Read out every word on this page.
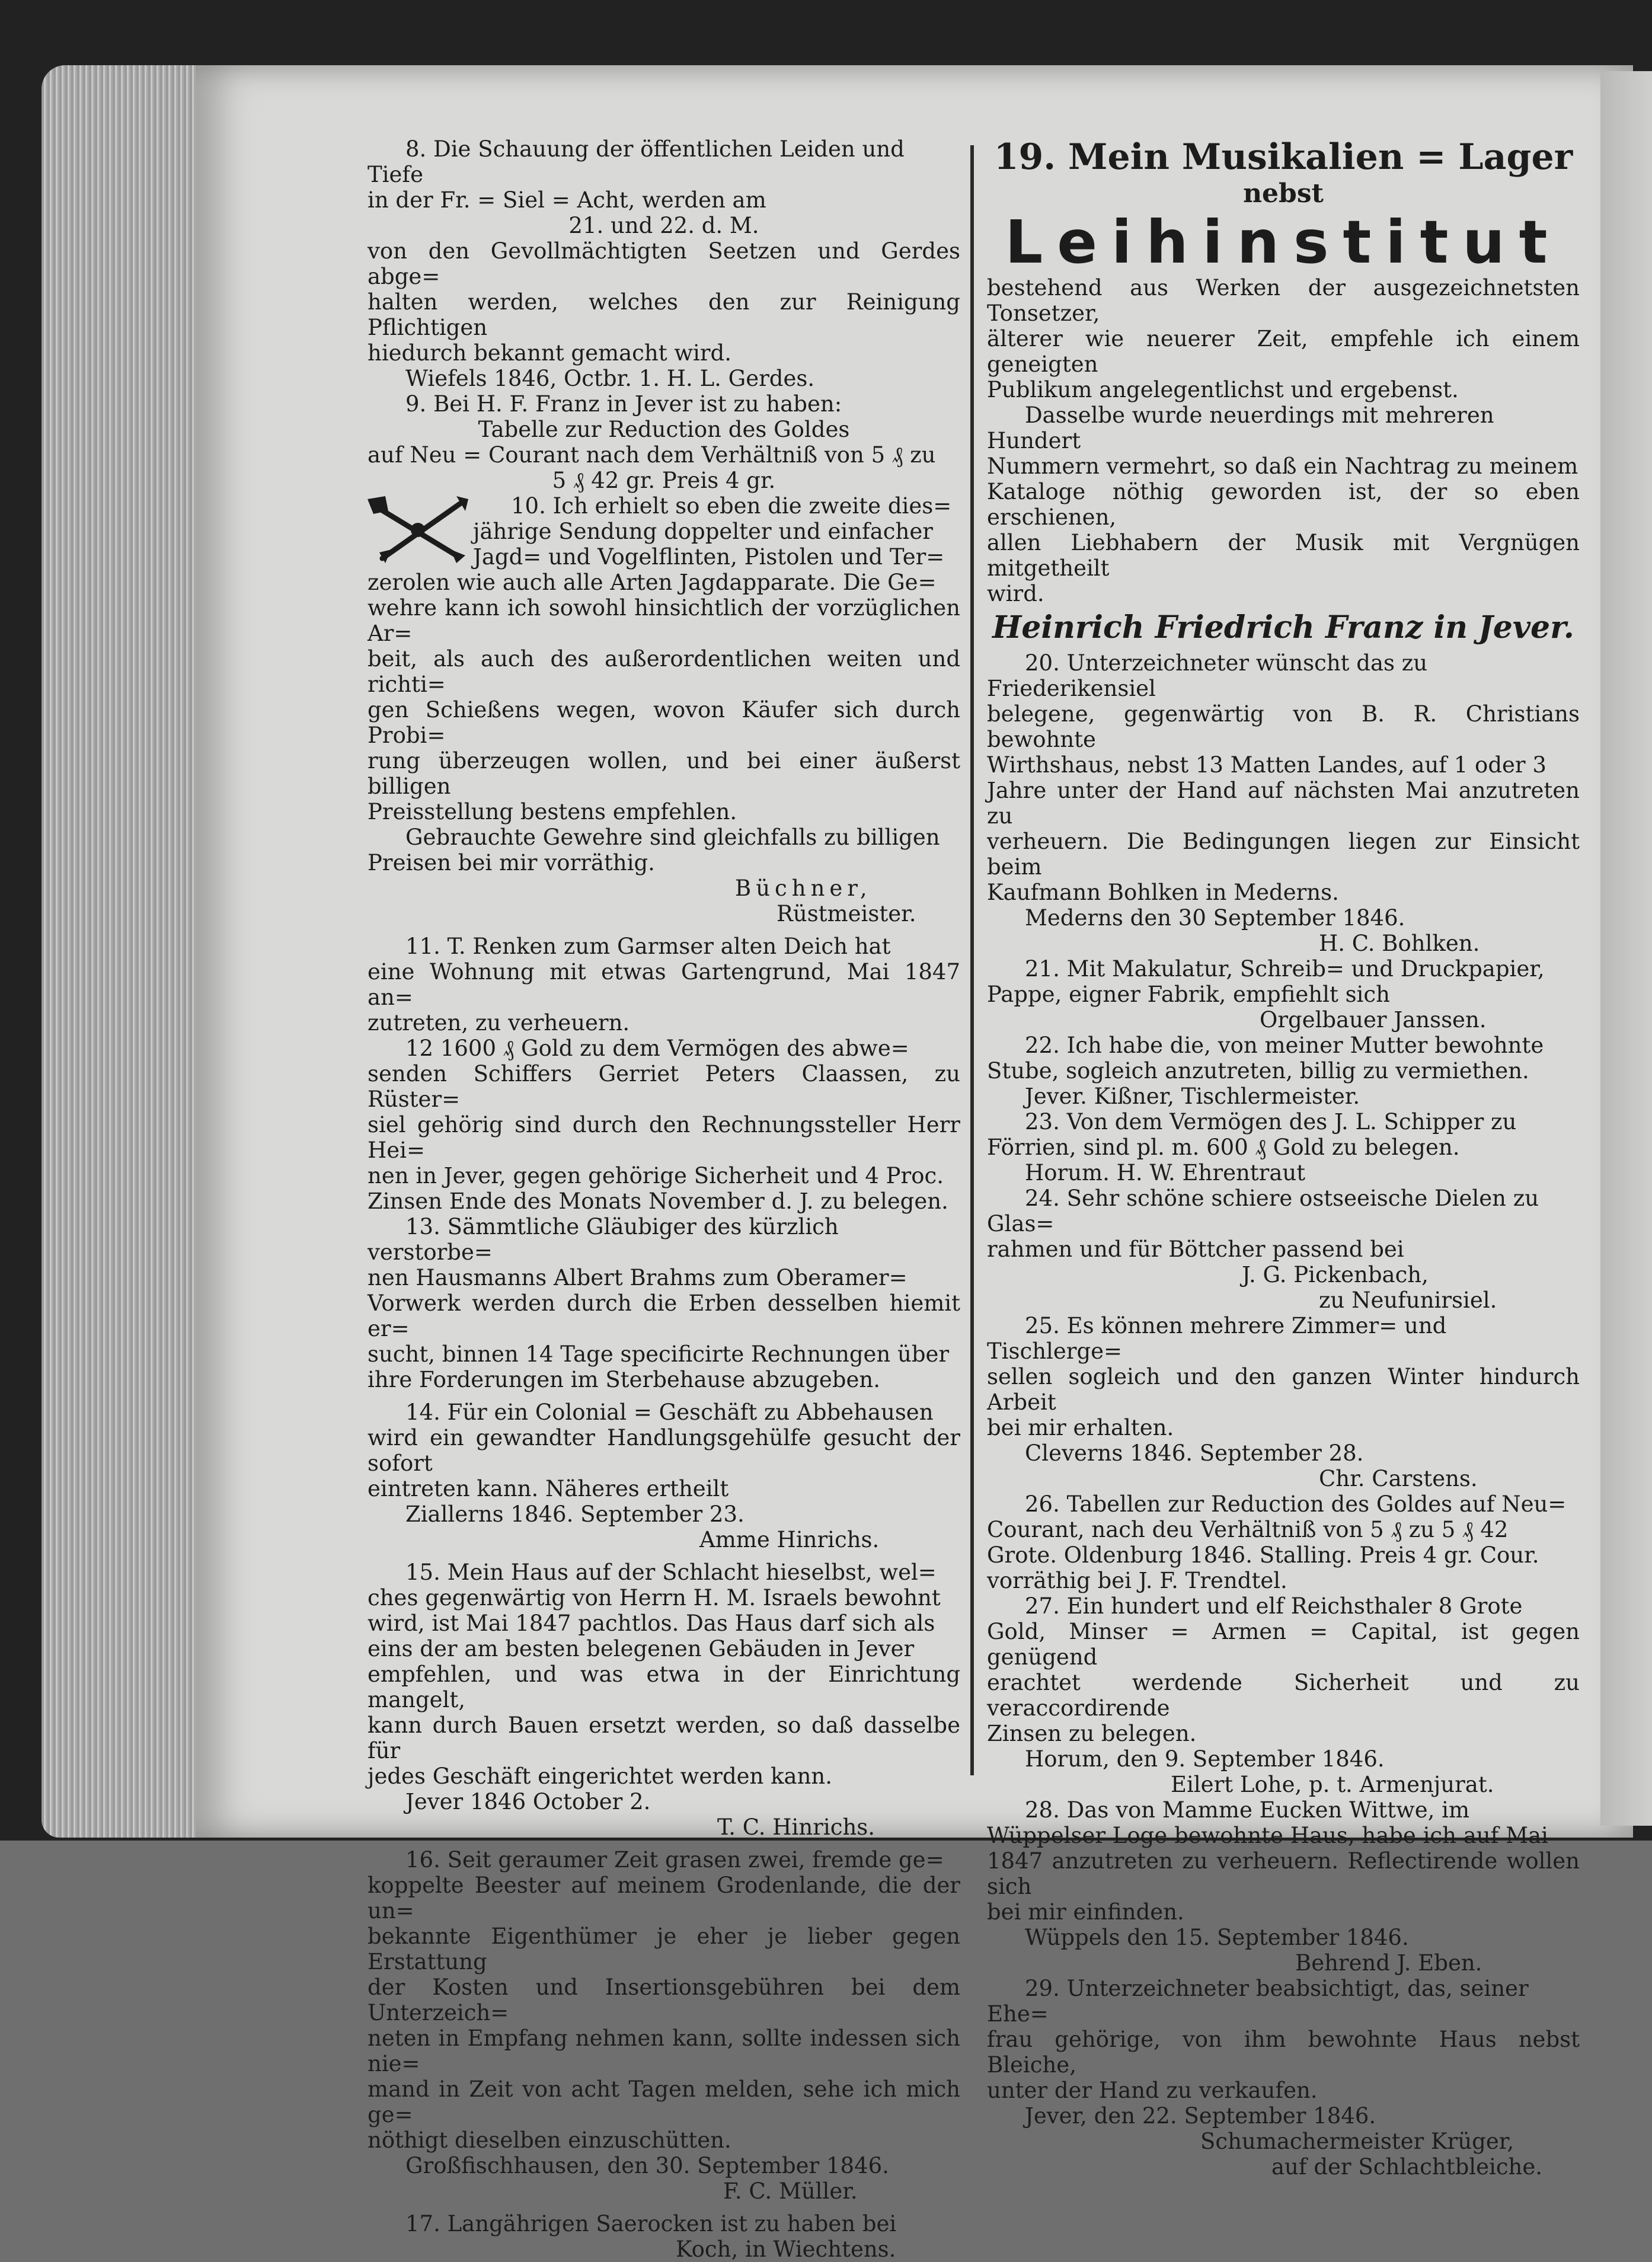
8. Die Schauung der öffentlichen Leiden und Tiefe

in der Fr. = Siel = Acht, werden am

21. und 22. d. M.

von den Gevollmächtigten Seetzen und Gerdes abge=

halten werden, welches den zur Reinigung Pflichtigen

hiedurch bekannt gemacht wird.

Wiefels 1846, Octbr. 1. H. L. Gerdes.

9. Bei H. F. Franz in Jever ist zu haben:

Tabelle zur Reduction des Goldes

auf Neu = Courant nach dem Verhältniß von 5 ₰ zu

5 ₰ 42 gr. Preis 4 gr.

10. Ich erhielt so eben die zweite dies=

jährige Sendung doppelter und einfacher

Jagd= und Vogelflinten, Pistolen und Ter=

zerolen wie auch alle Arten Jagdapparate. Die Ge=

wehre kann ich sowohl hinsichtlich der vorzüglichen Ar=

beit, als auch des außerordentlichen weiten und richti=

gen Schießens wegen, wovon Käufer sich durch Probi=

rung überzeugen wollen, und bei einer äußerst billigen

Preisstellung bestens empfehlen.

Gebrauchte Gewehre sind gleichfalls zu billigen

Preisen bei mir vorräthig.

Büchner,

Rüstmeister.

11. T. Renken zum Garmser alten Deich hat

eine Wohnung mit etwas Gartengrund, Mai 1847 an=

zutreten, zu verheuern.

12 1600 ₰ Gold zu dem Vermögen des abwe=

senden Schiffers Gerriet Peters Claassen, zu Rüster=

siel gehörig sind durch den Rechnungssteller Herr Hei=

nen in Jever, gegen gehörige Sicherheit und 4 Proc.

Zinsen Ende des Monats November d. J. zu belegen.

13. Sämmtliche Gläubiger des kürzlich verstorbe=

nen Hausmanns Albert Brahms zum Oberamer=

Vorwerk werden durch die Erben desselben hiemit er=

sucht, binnen 14 Tage specificirte Rechnungen über

ihre Forderungen im Sterbehause abzugeben.

14. Für ein Colonial = Geschäft zu Abbehausen

wird ein gewandter Handlungsgehülfe gesucht der sofort

eintreten kann. Näheres ertheilt

Ziallerns 1846. September 23.

Amme Hinrichs.

15. Mein Haus auf der Schlacht hieselbst, wel=

ches gegenwärtig von Herrn H. M. Israels bewohnt

wird, ist Mai 1847 pachtlos. Das Haus darf sich als

eins der am besten belegenen Gebäuden in Jever

empfehlen, und was etwa in der Einrichtung mangelt,

kann durch Bauen ersetzt werden, so daß dasselbe für

jedes Geschäft eingerichtet werden kann.

Jever 1846 October 2.

T. C. Hinrichs.

16. Seit geraumer Zeit grasen zwei, fremde ge=

koppelte Beester auf meinem Grodenlande, die der un=

bekannte Eigenthümer je eher je lieber gegen Erstattung

der Kosten und Insertionsgebühren bei dem Unterzeich=

neten in Empfang nehmen kann, sollte indessen sich nie=

mand in Zeit von acht Tagen melden, sehe ich mich ge=

nöthigt dieselben einzuschütten.

Großfischhausen, den 30. September 1846.

F. C. Müller.

17. Langährigen Saerocken ist zu haben bei

Koch, in Wiechtens.

19. Mein Musikalien = Lager

nebst

Leihinstitut

bestehend aus Werken der ausgezeichnetsten Tonsetzer,

älterer wie neuerer Zeit, empfehle ich einem geneigten

Publikum angelegentlichst und ergebenst.

Dasselbe wurde neuerdings mit mehreren Hundert

Nummern vermehrt, so daß ein Nachtrag zu meinem

Kataloge nöthig geworden ist, der so eben erschienen,

allen Liebhabern der Musik mit Vergnügen mitgetheilt

wird.

Heinrich Friedrich Franz in Jever.

20. Unterzeichneter wünscht das zu Friederikensiel

belegene, gegenwärtig von B. R. Christians bewohnte

Wirthshaus, nebst 13 Matten Landes, auf 1 oder 3

Jahre unter der Hand auf nächsten Mai anzutreten zu

verheuern. Die Bedingungen liegen zur Einsicht beim

Kaufmann Bohlken in Mederns.

Mederns den 30 September 1846.

H. C. Bohlken.

21. Mit Makulatur, Schreib= und Druckpapier,

Pappe, eigner Fabrik, empfiehlt sich

Orgelbauer Janssen.

22. Ich habe die, von meiner Mutter bewohnte

Stube, sogleich anzutreten, billig zu vermiethen.

Jever. Kißner, Tischlermeister.

23. Von dem Vermögen des J. L. Schipper zu

Förrien, sind pl. m. 600 ₰ Gold zu belegen.

Horum. H. W. Ehrentraut

24. Sehr schöne schiere ostseeische Dielen zu Glas=

rahmen und für Böttcher passend bei

J. G. Pickenbach,

zu Neufunirsiel.

25. Es können mehrere Zimmer= und Tischlerge=

sellen sogleich und den ganzen Winter hindurch Arbeit

bei mir erhalten.

Cleverns 1846. September 28.

Chr. Carstens.

26. Tabellen zur Reduction des Goldes auf Neu=

Courant, nach deu Verhältniß von 5 ₰ zu 5 ₰ 42

Grote. Oldenburg 1846. Stalling. Preis 4 gr. Cour.

vorräthig bei J. F. Trendtel.

27. Ein hundert und elf Reichsthaler 8 Grote

Gold, Minser = Armen = Capital, ist gegen genügend

erachtet werdende Sicherheit und zu veraccordirende

Zinsen zu belegen.

Horum, den 9. September 1846.

Eilert Lohe, p. t. Armenjurat.

28. Das von Mamme Eucken Wittwe, im

Wüppelser Loge bewohnte Haus, habe ich auf Mai

1847 anzutreten zu verheuern. Reflectirende wollen sich

bei mir einfinden.

Wüppels den 15. September 1846.

Behrend J. Eben.

29. Unterzeichneter beabsichtigt, das, seiner Ehe=

frau gehörige, von ihm bewohnte Haus nebst Bleiche,

unter der Hand zu verkaufen.

Jever, den 22. September 1846.

Schumachermeister Krüger,

auf der Schlachtbleiche.
